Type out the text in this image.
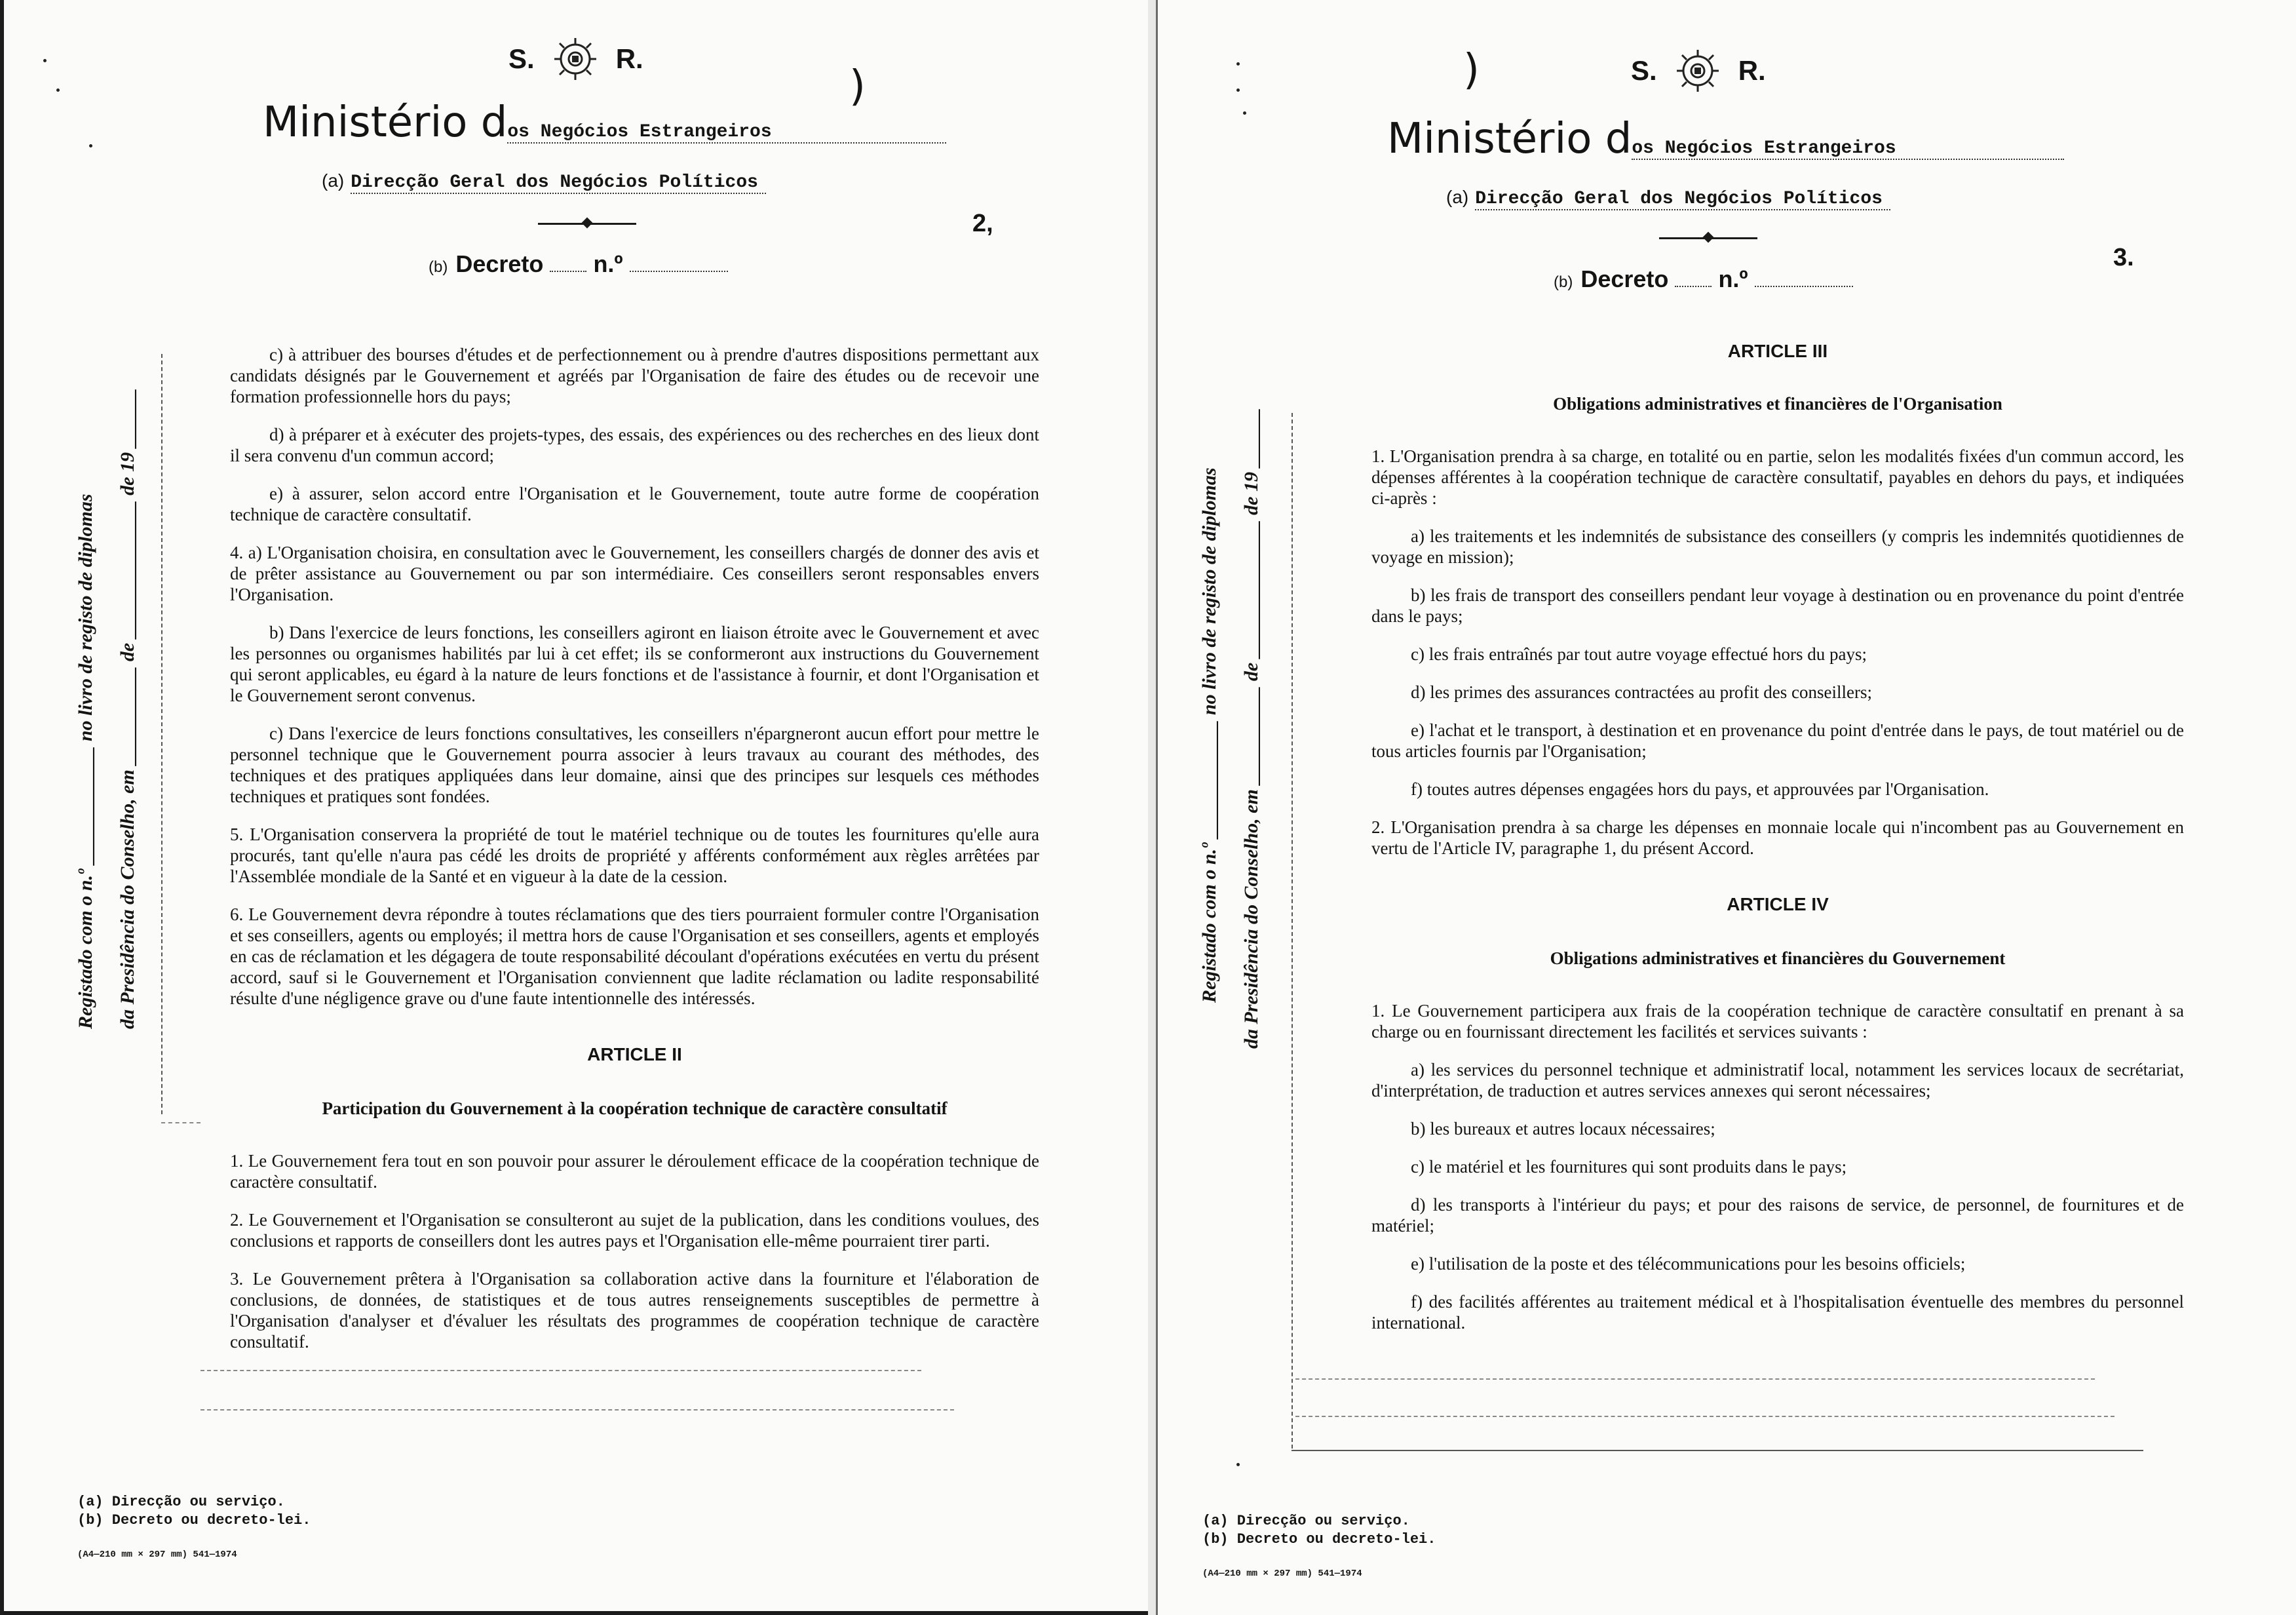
S.	R.
)
Ministério dos Negócios Estrangeiros
(a) Direcção Geral dos Negócios Políticos
2,
(b) Decreto n.º
Registado com o n.º ____________ no livro de registo de diplomas da Presidência do Conselho, em __________ de ______________ de 19 ______

c) à attribuer des bourses d'études et de perfectionnement ou à prendre d'autres dispositions permettant aux candidats désignés par le Gouvernement et agréés par l'Organisation de faire des études ou de recevoir une formation professionnelle hors du pays;

d) à préparer et à exécuter des projets-types, des essais, des expériences ou des recherches en des lieux dont il sera convenu d'un commun accord;

e) à assurer, selon accord entre l'Organisation et le Gouvernement, toute autre forme de coopération technique de caractère consultatif.

4. a) L'Organisation choisira, en consultation avec le Gouvernement, les conseillers chargés de donner des avis et de prêter assistance au Gouvernement ou par son intermédiaire. Ces conseillers seront responsables envers l'Organisation.

b) Dans l'exercice de leurs fonctions, les conseillers agiront en liaison étroite avec le Gouvernement et avec les personnes ou organismes habilités par lui à cet effet; ils se conformeront aux instructions du Gouvernement qui seront applicables, eu égard à la nature de leurs fonctions et de l'assistance à fournir, et dont l'Organisation et le Gouvernement seront convenus.

c) Dans l'exercice de leurs fonctions consultatives, les conseillers n'épargneront aucun effort pour mettre le personnel technique que le Gouvernement pourra associer à leurs travaux au courant des méthodes, des techniques et des pratiques appliquées dans leur domaine, ainsi que des principes sur lesquels ces méthodes techniques et pratiques sont fondées.

5. L'Organisation conservera la propriété de tout le matériel technique ou de toutes les fournitures qu'elle aura procurés, tant qu'elle n'aura pas cédé les droits de propriété y afférents conformément aux règles arrêtées par l'Assemblée mondiale de la Santé et en vigueur à la date de la cession.

6. Le Gouvernement devra répondre à toutes réclamations que des tiers pourraient formuler contre l'Organisation et ses conseillers, agents ou employés; il mettra hors de cause l'Organisation et ses conseillers, agents et employés en cas de réclamation et les dégagera de toute responsabilité découlant d'opérations exécutées en vertu du présent accord, sauf si le Gouvernement et l'Organisation conviennent que ladite réclamation ou ladite responsabilité résulte d'une négligence grave ou d'une faute intentionnelle des intéressés.

ARTICLE II
Participation du Gouvernement à la coopération technique de caractère consultatif

1. Le Gouvernement fera tout en son pouvoir pour assurer le déroulement efficace de la coopération technique de caractère consultatif.

2. Le Gouvernement et l'Organisation se consulteront au sujet de la publication, dans les conditions voulues, des conclusions et rapports de conseillers dont les autres pays et l'Organisation elle-même pourraient tirer parti.

3. Le Gouvernement prêtera à l'Organisation sa collaboration active dans la fourniture et l'élaboration de conclusions, de données, de statistiques et de tous autres renseignements susceptibles de permettre à l'Organisation d'analyser et d'évaluer les résultats des programmes de coopération technique de caractère consultatif.

(a) Direcção ou serviço.
(b) Decreto ou decreto-lei.
(A4—210 mm × 297 mm) 541—1974
)	S.	R.
Ministério dos Negócios Estrangeiros
(a) Direcção Geral dos Negócios Políticos
3.
(b) Decreto n.º
Registado com o n.º ____________ no livro de registo de diplomas da Presidência do Conselho, em __________ de ______________ de 19 ______
ARTICLE III
Obligations administratives et financières de l'Organisation

1. L'Organisation prendra à sa charge, en totalité ou en partie, selon les modalités fixées d'un commun accord, les dépenses afférentes à la coopération technique de caractère consultatif, payables en dehors du pays, et indiquées ci-après :

a) les traitements et les indemnités de subsistance des conseillers (y compris les indemnités quotidiennes de voyage en mission);

b) les frais de transport des conseillers pendant leur voyage à destination ou en provenance du point d'entrée dans le pays;

c) les frais entraînés par tout autre voyage effectué hors du pays;

d) les primes des assurances contractées au profit des conseillers;

e) l'achat et le transport, à destination et en provenance du point d'entrée dans le pays, de tout matériel ou de tous articles fournis par l'Organisation;

f) toutes autres dépenses engagées hors du pays, et approuvées par l'Organisation.

2. L'Organisation prendra à sa charge les dépenses en monnaie locale qui n'incombent pas au Gouvernement en vertu de l'Article IV, paragraphe 1, du présent Accord.

ARTICLE IV
Obligations administratives et financières du Gouvernement

1. Le Gouvernement participera aux frais de la coopération technique de caractère consultatif en prenant à sa charge ou en fournissant directement les facilités et services suivants :

a) les services du personnel technique et administratif local, notamment les services locaux de secrétariat, d'interprétation, de traduction et autres services annexes qui seront nécessaires;

b) les bureaux et autres locaux nécessaires;

c) le matériel et les fournitures qui sont produits dans le pays;

d) les transports à l'intérieur du pays; et pour des raisons de service, de personnel, de fournitures et de matériel;

e) l'utilisation de la poste et des télécommunications pour les besoins officiels;

f) des facilités afférentes au traitement médical et à l'hospitalisation éventuelle des membres du personnel international.

(a) Direcção ou serviço.
(b) Decreto ou decreto-lei.
(A4—210 mm × 297 mm) 541—1974
